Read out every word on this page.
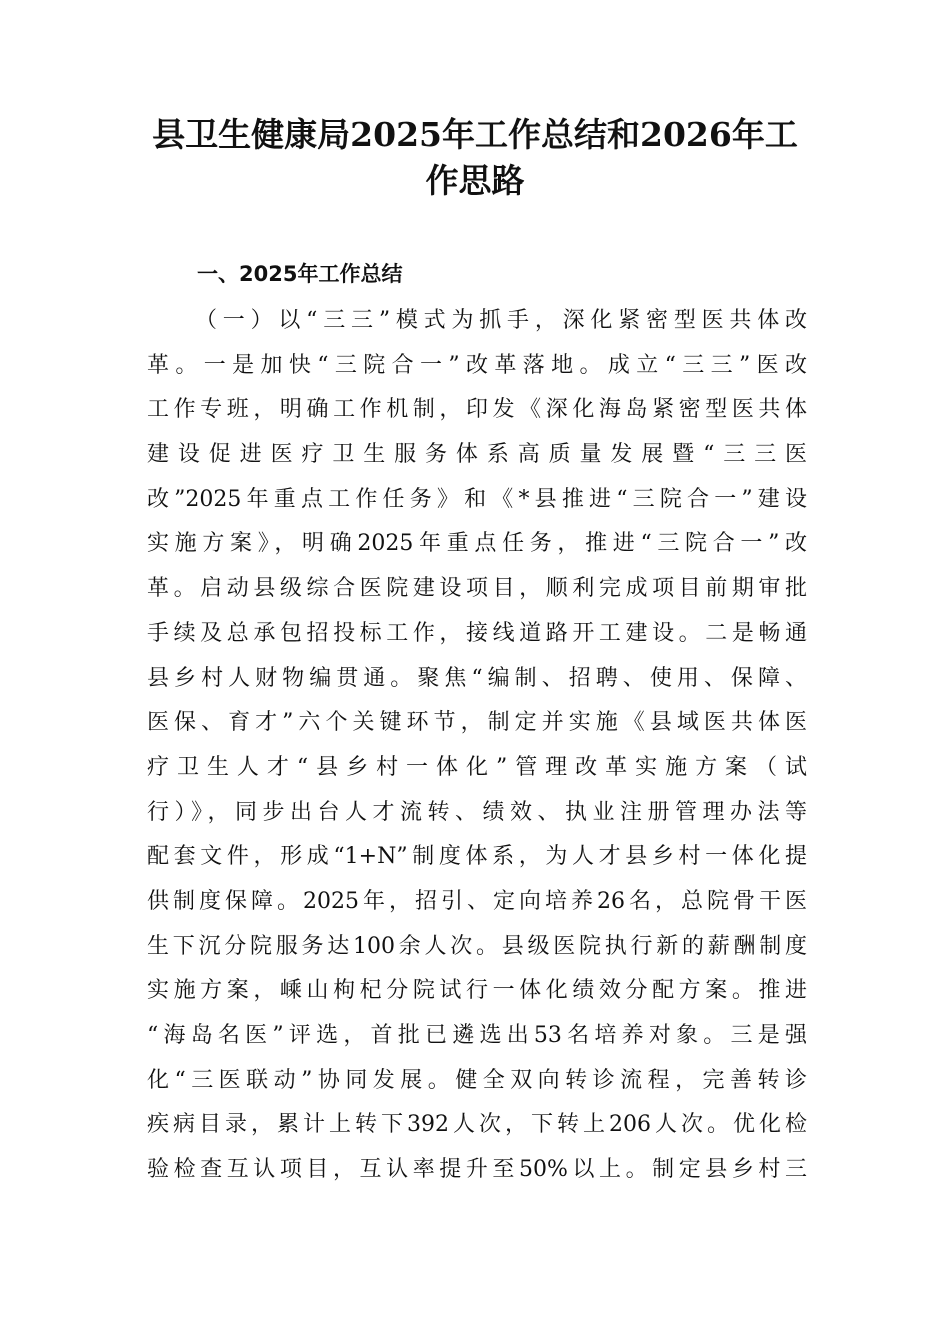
县卫生健康局2025年工作总结和2026年工
作思路
一、2025年工作总结
（一）以“三三”模式为抓手，深化紧密型医共体改
革。一是加快“三院合一”改革落地。成立“三三”医改
工作专班，明确工作机制，印发《深化海岛紧密型医共体
建设促进医疗卫生服务体系高质量发展暨“三三医
改”2025年重点工作任务》和《*县推进“三院合一”建设
实施方案》，明确2025年重点任务，推进“三院合一”改
革。启动县级综合医院建设项目，顺利完成项目前期审批
手续及总承包招投标工作，接线道路开工建设。二是畅通
县乡村人财物编贯通。聚焦“编制、招聘、使用、保障、
医保、育才”六个关键环节，制定并实施《县域医共体医
疗卫生人才“县乡村一体化”管理改革实施方案（试
行）》，同步出台人才流转、绩效、执业注册管理办法等
配套文件，形成“1+N”制度体系，为人才县乡村一体化提
供制度保障。2025年，招引、定向培养26名，总院骨干医
生下沉分院服务达100余人次。县级医院执行新的薪酬制度
实施方案，嵊山枸杞分院试行一体化绩效分配方案。推进
“海岛名医”评选，首批已遴选出53名培养对象。三是强
化“三医联动”协同发展。健全双向转诊流程，完善转诊
疾病目录，累计上转下392人次，下转上206人次。优化检
验检查互认项目，互认率提升至50%以上。制定县乡村三
